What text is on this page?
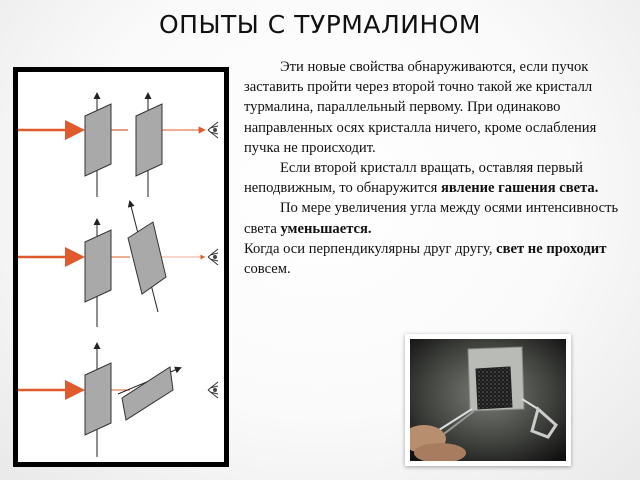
ОПЫТЫ С ТУРМАЛИНОМ

Эти новые свойства обнаруживаются, если пучок заставить пройти через второй точно такой же кристалл турмалина, параллельный первому. При одинаково направленных осях кристалла ничего, кроме ослабления пучка не происходит.

Если второй кристалл вращать, оставляя первый неподвижным, то обнаружится явление гашения света.

По мере увеличения угла между осями интенсивность света уменьшается.

Когда оси перпендикулярны друг другу, свет не проходит совсем.
